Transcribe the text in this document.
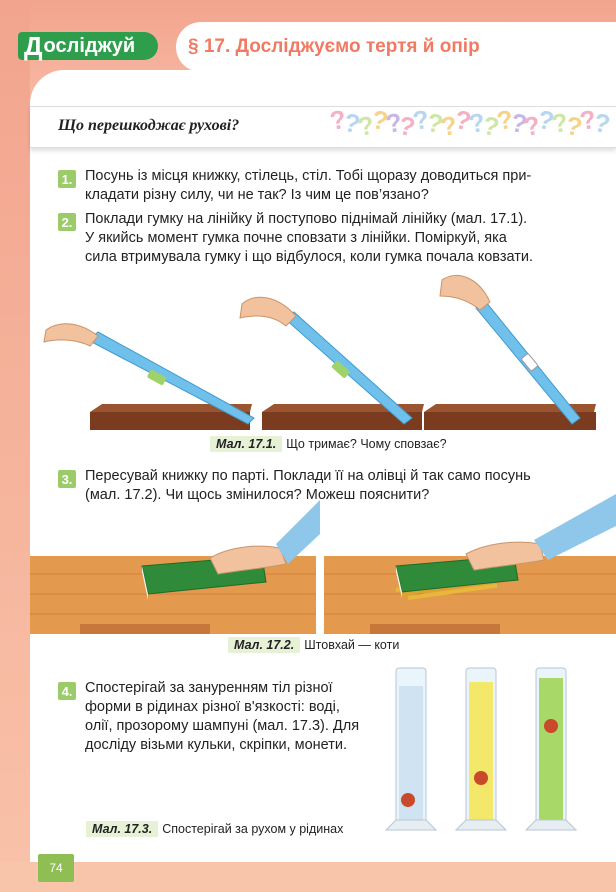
Д осліджуй	§ 17. Досліджуємо тертя й опір
Що перешкоджає рухові?	????????????????????
1. Посунь із місця книжку, стілець, стіл. Тобі щоразу доводиться при-
кладати різну силу, чи не так? Із чим це пов’язано?
2. Поклади гумку на лінійку й поступово піднімай лінійку (мал. 17.1).
У якийсь момент гумка почне сповзати з лінійки. Поміркуй, яка
сила втримувала гумку і що відбулося, коли гумка почала ковзати.
Мал. 17.1. Що тримає? Чому сповзає?
3. Пересувай книжку по парті. Поклади її на олівці й так само посунь
(мал. 17.2). Чи щось змінилося? Можеш пояснити?
Мал. 17.2. Штовхай — коти
4. Спостерігай за зануренням тіл різної
форми в рідинах різної в'язкості: воді,
олії, прозорому шампуні (мал. 17.3). Для
досліду візьми кульки, скріпки, монети.
Мал. 17.3. Спостерігай за рухом у рідинах
74
